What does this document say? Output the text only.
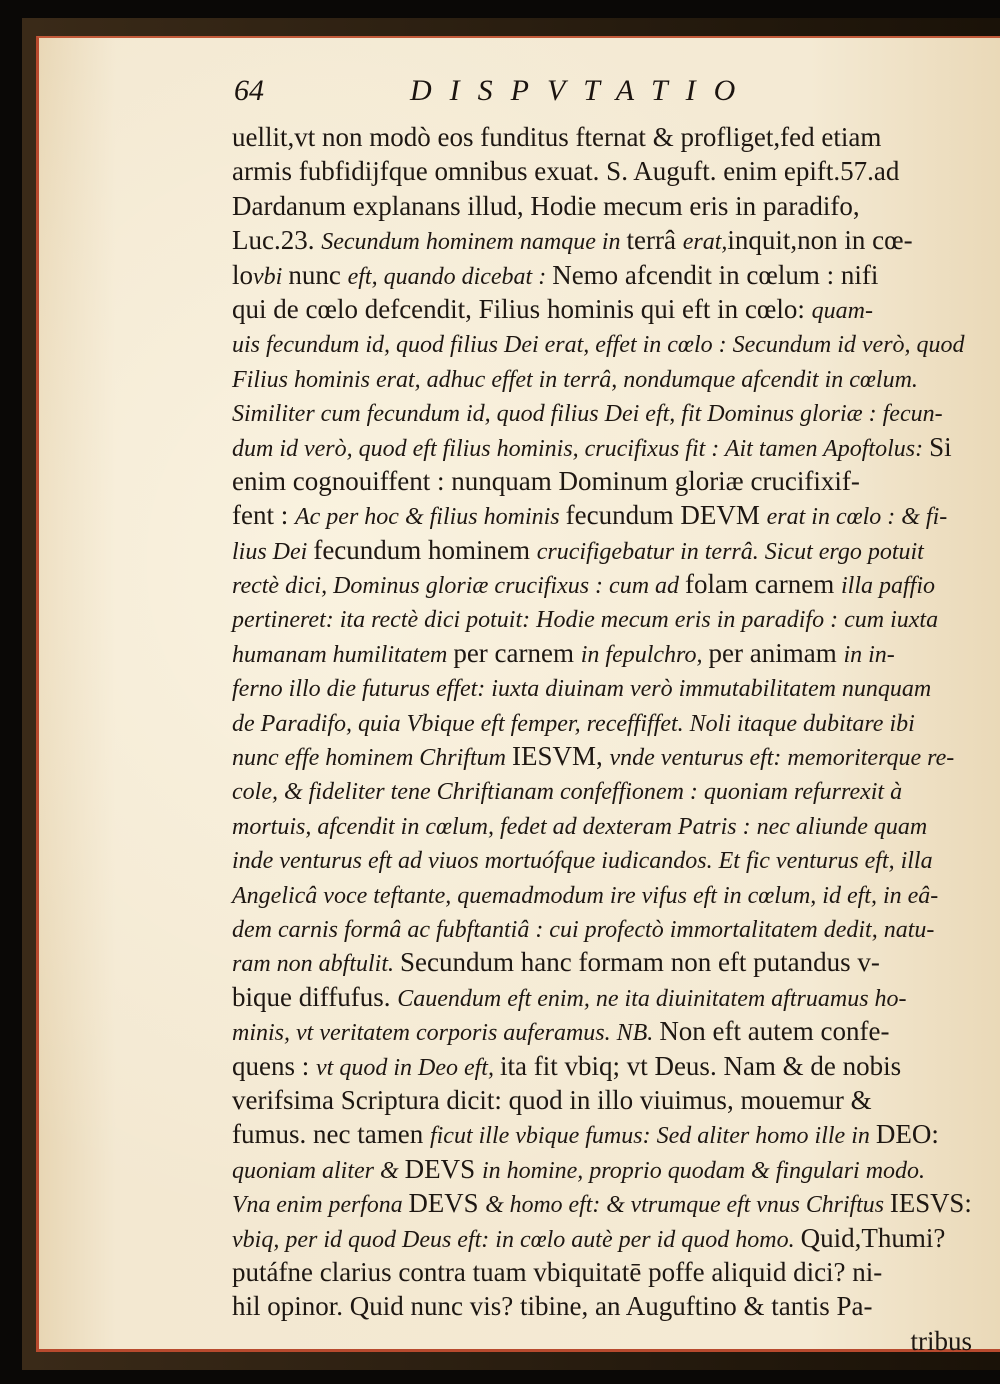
64	DISPVTATIO
uellit,vt non modò eos funditus fternat & profliget,fed etiam
armis fubfidijfque omnibus exuat. S. Auguft. enim epift.57.ad
Dardanum explanans illud, Hodie mecum eris in paradifo,
Luc.23. Secundum hominem namque in terrâ erat,inquit,non in cœ-
lovbi nunc eft, quando dicebat : Nemo afcendit in cœlum : nifi
qui de cœlo defcendit, Filius hominis qui eft in cœlo: quam-
uis fecundum id, quod filius Dei erat, effet in cœlo : Secundum id verò, quod
Filius hominis erat, adhuc effet in terrâ, nondumque afcendit in cœlum.
Similiter cum fecundum id, quod filius Dei eft, fit Dominus gloriæ : fecun-
dum id verò, quod eft filius hominis, crucifixus fit : Ait tamen Apoftolus: Si
enim cognouiffent : nunquam Dominum gloriæ crucifixif-
fent : Ac per hoc & filius hominis fecundum DEVM erat in cœlo : & fi-
lius Dei fecundum hominem crucifigebatur in terrâ. Sicut ergo potuit
rectè dici, Dominus gloriæ crucifixus : cum ad folam carnem illa paffio
pertineret: ita rectè dici potuit: Hodie mecum eris in paradifo : cum iuxta
humanam humilitatem per carnem in fepulchro, per animam in in-
ferno illo die futurus effet: iuxta diuinam verò immutabilitatem nunquam
de Paradifo, quia Vbique eft femper, receffiffet. Noli itaque dubitare ibi
nunc effe hominem Chriftum IESVM, vnde venturus eft: memoriterque re-
cole, & fideliter tene Chriftianam confeffionem : quoniam refurrexit à
mortuis, afcendit in cœlum, fedet ad dexteram Patris : nec aliunde quam
inde venturus eft ad viuos mortuófque iudicandos. Et fic venturus eft, illa
Angelicâ voce teftante, quemadmodum ire vifus eft in cœlum, id eft, in eâ-
dem carnis formâ ac fubftantiâ : cui profectò immortalitatem dedit, natu-
ram non abftulit. Secundum hanc formam non eft putandus v-
bique diffufus. Cauendum eft enim, ne ita diuinitatem aftruamus ho-
minis, vt veritatem corporis auferamus. NB. Non eft autem confe-
quens : vt quod in Deo eft, ita fit vbiq; vt Deus. Nam & de nobis
verifsima Scriptura dicit: quod in illo viuimus, mouemur &
fumus. nec tamen ficut ille vbique fumus: Sed aliter homo ille in DEO:
quoniam aliter & DEVS in homine, proprio quodam & fingulari modo.
Vna enim perfona DEVS & homo eft: & vtrumque eft vnus Chriftus IESVS:
vbiq, per id quod Deus eft: in cœlo autè per id quod homo. Quid,Thumi?
putáfne clarius contra tuam vbiquitatē poffe aliquid dici? ni-
hil opinor. Quid nunc vis? tibine, an Auguftino & tantis Pa-
tribus
